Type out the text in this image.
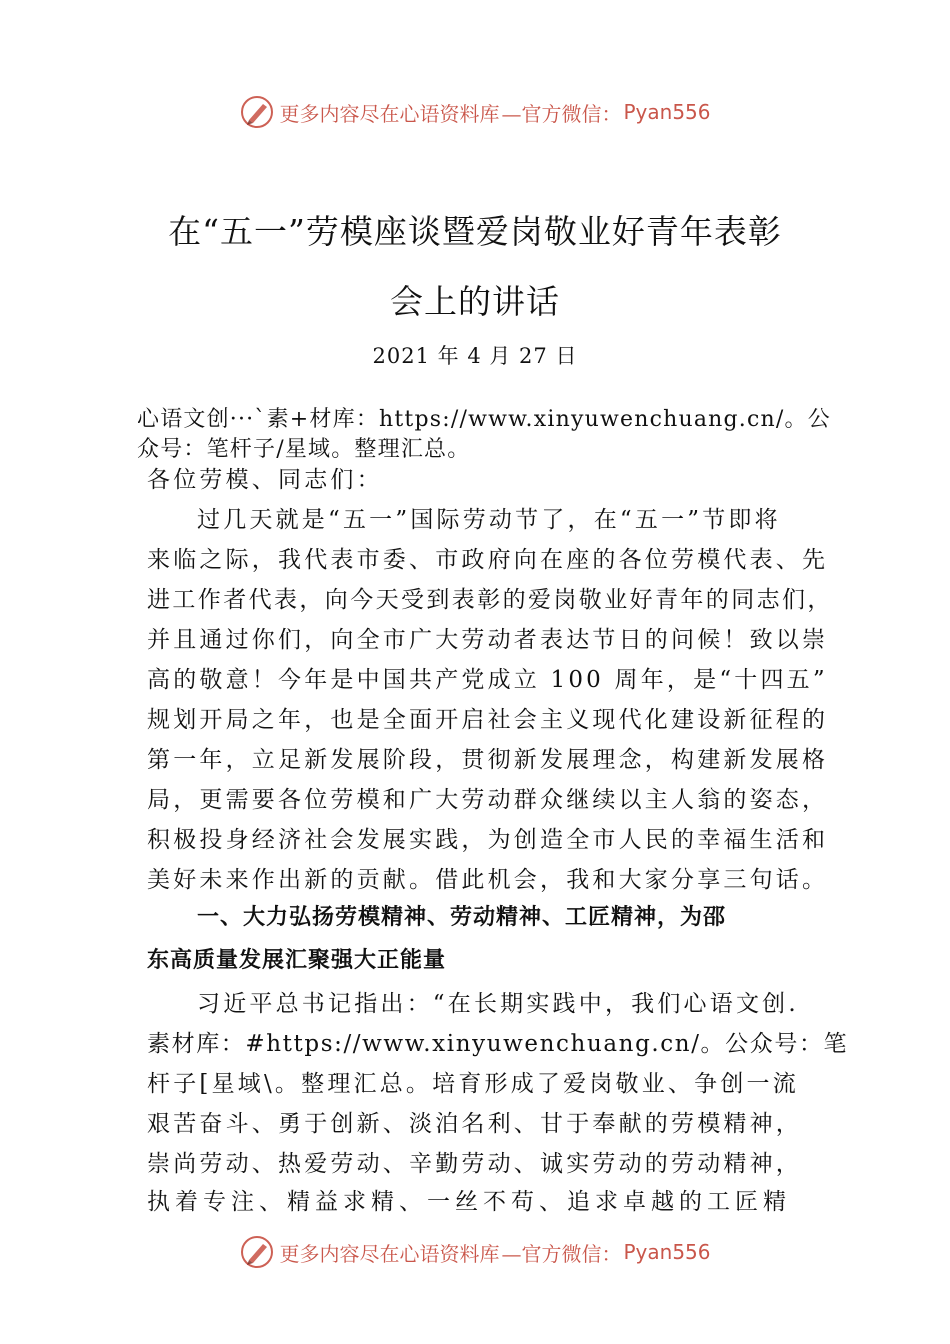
更多内容尽在心语资料库 —官方微信： Pyan556
在“五一”劳模座谈暨爱岗敬业好青年表彰
会上的讲话
2021 年 4 月 27 日
心语文创···`素+材库：https://www.xinyuwenchuang.cn/。公
众号：笔杆子/星域。整理汇总。
各位劳模、同志们：
过几天就是“五一”国际劳动节了，在“五一”节即将
来临之际，我代表市委、市政府向在座的各位劳模代表、先
进工作者代表，向今天受到表彰的爱岗敬业好青年的同志们，
并且通过你们，向全市广大劳动者表达节日的问候！致以崇
高的敬意！今年是中国共产党成立 100 周年，是“十四五”
规划开局之年，也是全面开启社会主义现代化建设新征程的
第一年，立足新发展阶段，贯彻新发展理念，构建新发展格
局，更需要各位劳模和广大劳动群众继续以主人翁的姿态，
积极投身经济社会发展实践，为创造全市人民的幸福生活和
美好未来作出新的贡献。借此机会，我和大家分享三句话。
一、大力弘扬劳模精神、劳动精神、工匠精神，为邵
东高质量发展汇聚强大正能量
习近平总书记指出：“在长期实践中，我们心语文创.
素材库：#https://www.xinyuwenchuang.cn/。公众号：笔
杆子[星域\。整理汇总。培育形成了爱岗敬业、争创一流
艰苦奋斗、勇于创新、淡泊名利、甘于奉献的劳模精神，
崇尚劳动、热爱劳动、辛勤劳动、诚实劳动的劳动精神，
执着专注、精益求精、一丝不苟、追求卓越的工匠精
更多内容尽在心语资料库 —官方微信： Pyan556
